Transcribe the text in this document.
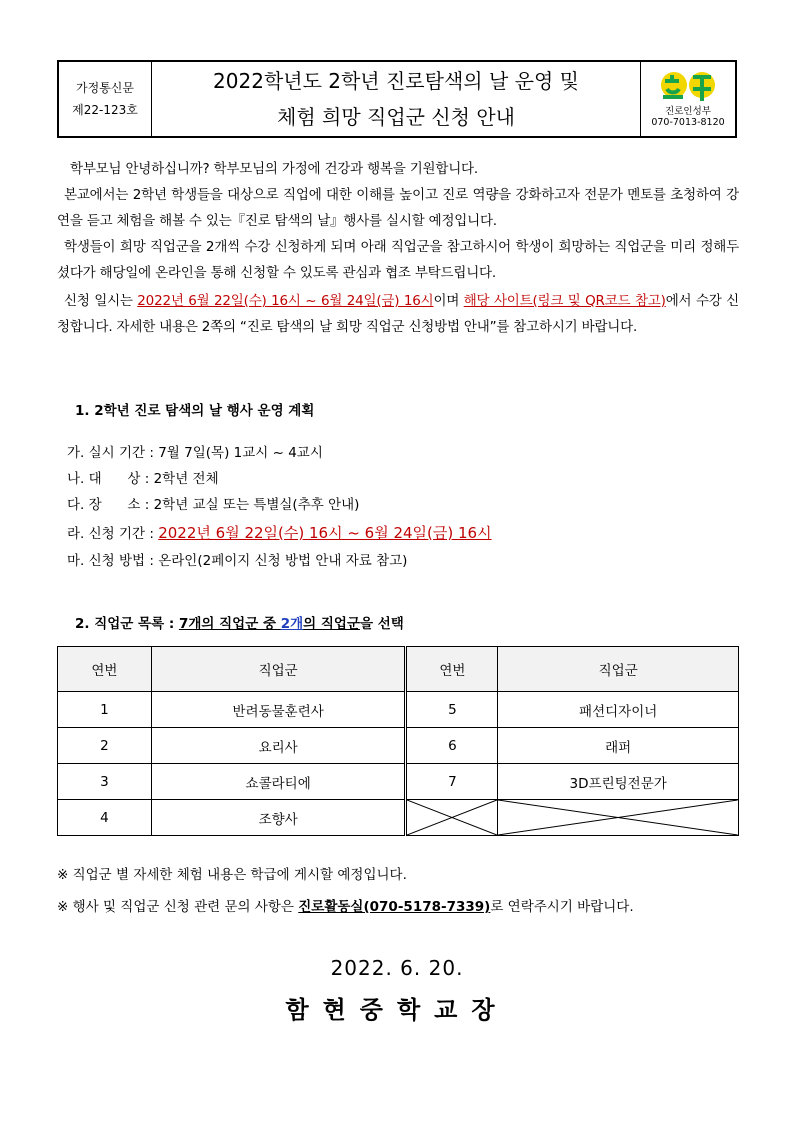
가정통신문
제22-123호
2022학년도 2학년 진로탐색의 날 운영 및
체험 희망 직업군 신청 안내	진로인성부
070-7013-8120
학부모님 안녕하십니까? 학부모님의 가정에 건강과 행복을 기원합니다.
본교에서는 2학년 학생들을 대상으로 직업에 대한 이해를 높이고 진로 역량을 강화하고자 전문가 멘토를 초청하여 강연을 듣고 체험을 해볼 수 있는『진로 탐색의 날』행사를 실시할 예정입니다.
학생들이 희망 직업군을 2개씩 수강 신청하게 되며 아래 직업군을 참고하시어 학생이 희망하는 직업군을 미리 정해두셨다가 해당일에 온라인을 통해 신청할 수 있도록 관심과 협조 부탁드립니다.
신청 일시는 2022년 6월 22일(수) 16시 ~ 6월 24일(금) 16시이며 해당 사이트(링크 및 QR코드 참고)에서 수강 신청합니다. 자세한 내용은 2쪽의 “진로 탐색의 날 희망 직업군 신청방법 안내”를 참고하시기 바랍니다.
1. 2학년 진로 탐색의 날 행사 운영 계획
가. 실시 기간 : 7월 7일(목) 1교시 ~ 4교시
나. 대      상 : 2학년 전체
다. 장      소 : 2학년 교실 또는 특별실(추후 안내)
라. 신청 기간 : 2022년 6월 22일(수) 16시 ~ 6월 24일(금) 16시
마. 신청 방법 : 온라인(2페이지 신청 방법 안내 자료 참고)
2. 직업군 목록 : 7개의 직업군 중 2개의 직업군을 선택
연번	직업군	연번	직업군
1	반려동물훈련사	5	패션디자이너
2	요리사	6	래퍼
3	쇼콜라티에	7	3D프린팅전문가
4	조향사	

※ 직업군 별 자세한 체험 내용은 학급에 게시할 예정입니다.
※ 행사 및 직업군 신청 관련 문의 사항은 진로활동실(070-5178-7339)로 연락주시기 바랍니다.
2022. 6. 20.
함현중학교장
